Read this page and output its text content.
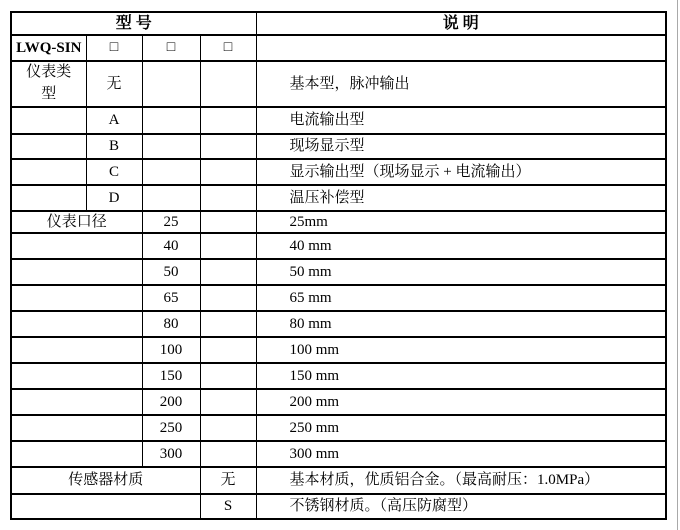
型 号				说 明
LWQ-SIN	□	□	□	
仪表类型	无			基本型，脉冲输出
	A			电流输出型
	B			现场显示型
	C			显示输出型（现场显示 + 电流输出）
	D			温压补偿型
仪表口径		25		25mm
		40		40 mm
		50		50 mm
		65		65 mm
		80		80 mm
		100		100 mm
		150		150 mm
		200		200 mm
		250		250 mm
		300		300 mm
传感器材质			无	基本材质，优质铝合金。（最高耐压：1.0MPa）
			S	不锈钢材质。（高压防腐型）
